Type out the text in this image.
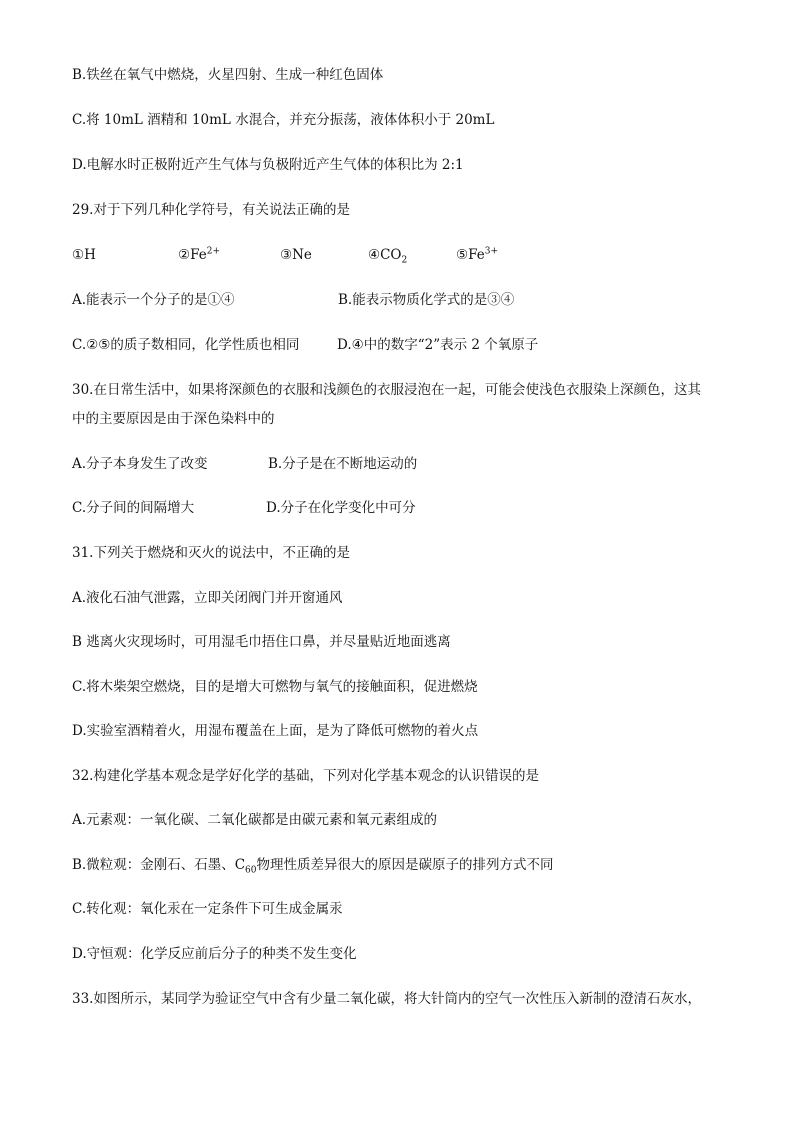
B.铁丝在氧气中燃烧，火星四射、生成一种红色固体
C.将 10mL 酒精和 10mL 水混合，并充分振荡，液体体积小于 20mL
D.电解水时正极附近产生气体与负极附近产生气体的体积比为 2:1
29.对于下列几种化学符号，有关说法正确的是
①H	$②Fe^{2+}$	③Ne	$④CO_2$	$⑤Fe^{3+}$
A.能表示一个分子的是①④	B.能表示物质化学式的是③④
C.②⑤的质子数相同，化学性质也相同	D.④中的数字“2”表示 2 个氧原子
30.在日常生活中，如果将深颜色的衣服和浅颜色的衣服浸泡在一起，可能会使浅色衣服染上深颜色，这其
中的主要原因是由于深色染料中的
A.分子本身发生了改变	B.分子是在不断地运动的
C.分子间的间隔增大	D.分子在化学变化中可分
31.下列关于燃烧和灭火的说法中，不正确的是
A.液化石油气泄露，立即关闭阀门并开窗通风
B 逃离火灾现场时，可用湿毛巾捂住口鼻，并尽量贴近地面逃离
C.将木柴架空燃烧，目的是增大可燃物与氧气的接触面积，促进燃烧
D.实验室酒精着火，用湿布覆盖在上面，是为了降低可燃物的着火点
32.构建化学基本观念是学好化学的基础，下列对化学基本观念的认识错误的是
A.元素观：一氧化碳、二氧化碳都是由碳元素和氧元素组成的
B.微粒观：金刚石、石墨、$C_{60}$物理性质差异很大的原因是碳原子的排列方式不同
C.转化观：氧化汞在一定条件下可生成金属汞
D.守恒观：化学反应前后分子的种类不发生变化
33.如图所示，某同学为验证空气中含有少量二氧化碳，将大针筒内的空气一次性压入新制的澄清石灰水，
